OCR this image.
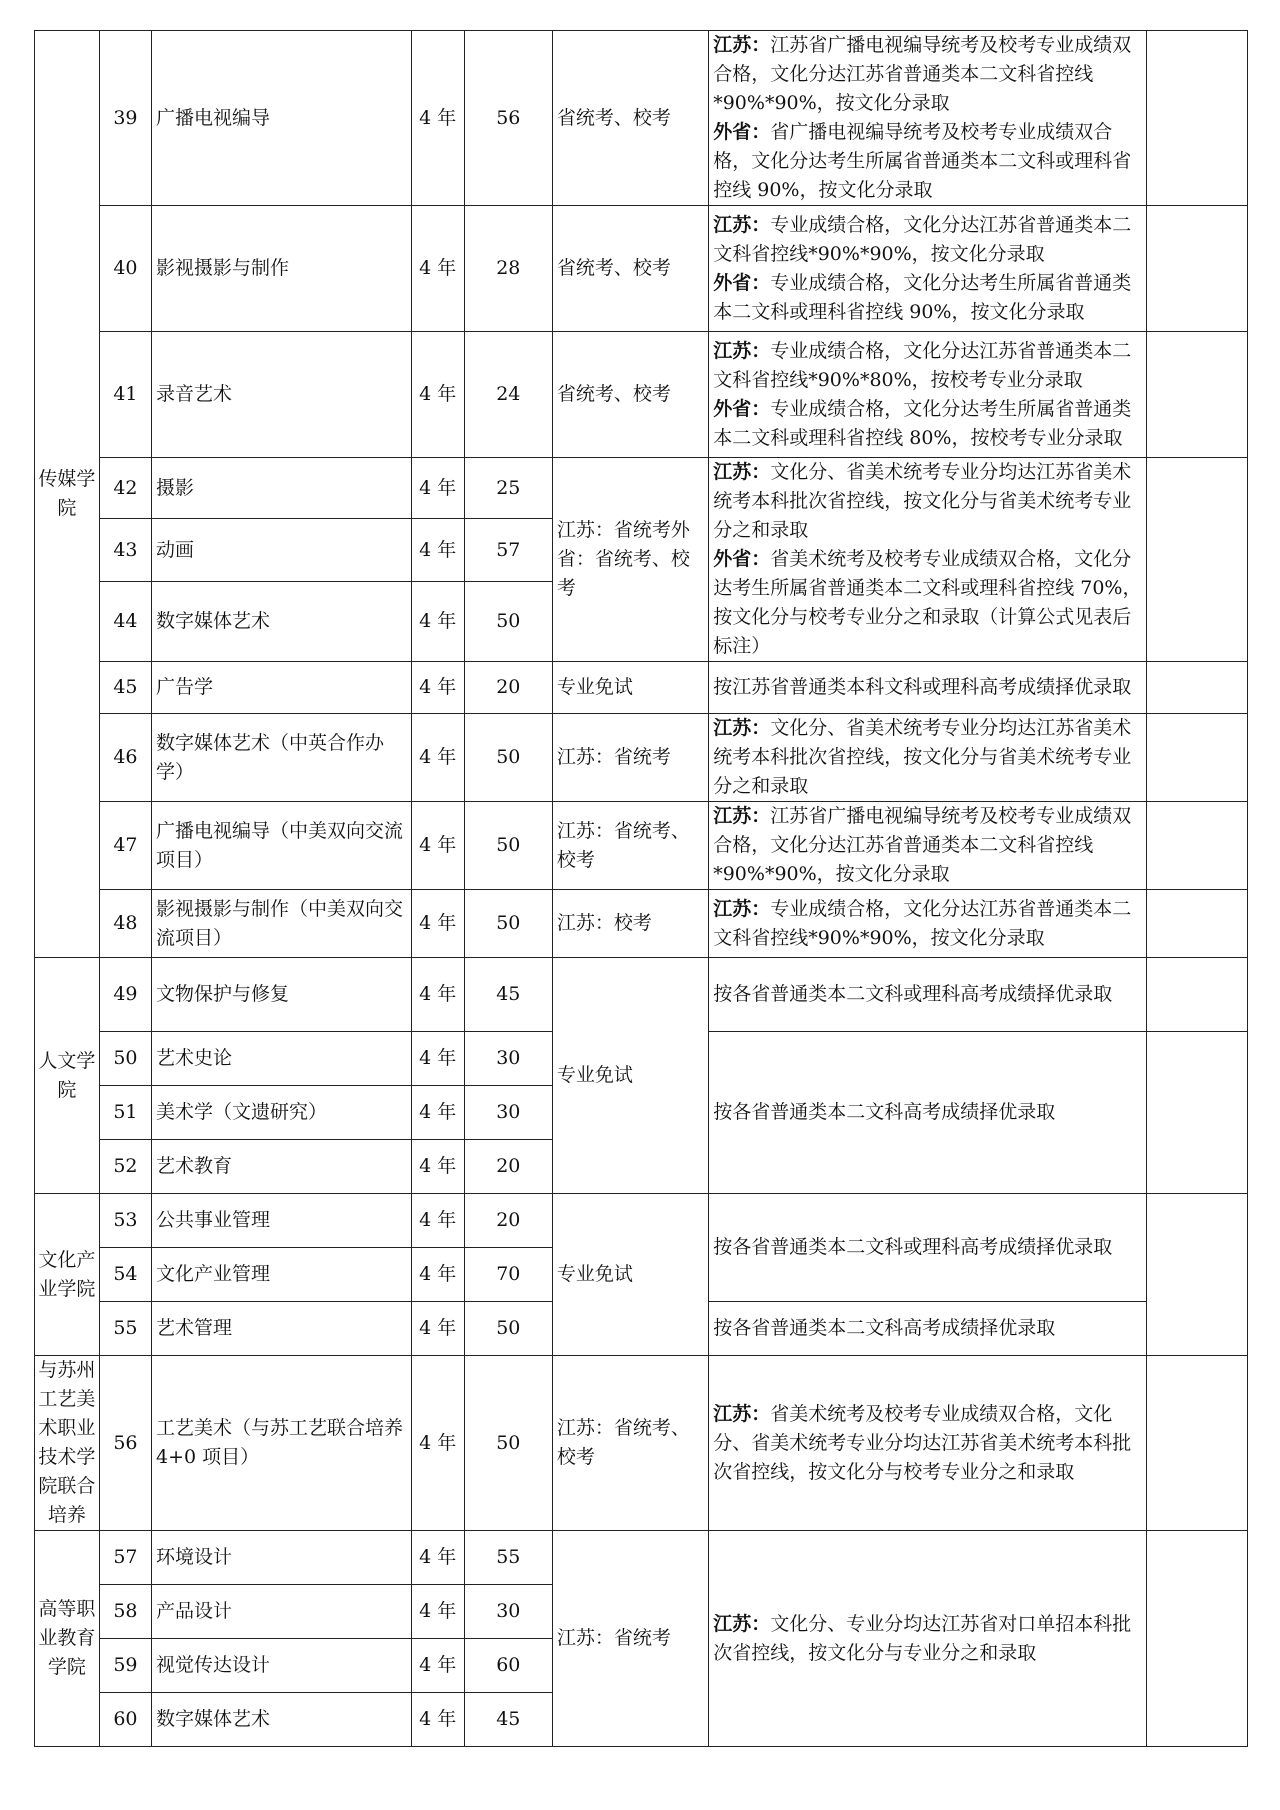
传媒学院	39	广播电视编导	4 年	56	省统考、校考	江苏：江苏省广播电视编导统考及校考专业成绩双合格，文化分达江苏省普通类本二文科省控线*90%*90%，按文化分录取
外省：省广播电视编导统考及校考专业成绩双合格，文化分达考生所属省普通类本二文科或理科省控线 90%，按文化分录取	

	40	影视摄影与制作	4 年	28	省统考、校考	江苏：专业成绩合格，文化分达江苏省普通类本二文科省控线*90%*90%，按文化分录取
外省：专业成绩合格，文化分达考生所属省普通类本二文科或理科省控线 90%，按文化分录取	

	41	录音艺术	4 年	24	省统考、校考	江苏：专业成绩合格，文化分达江苏省普通类本二文科省控线*90%*80%，按校考专业分录取
外省：专业成绩合格，文化分达考生所属省普通类本二文科或理科省控线 80%，按校考专业分录取	

	42	摄影	4 年	25	江苏：省统考外省：省统考、校考	江苏：文化分、省美术统考专业分均达江苏省美术统考本科批次省控线，按文化分与省美术统考专业分之和录取
外省：省美术统考及校考专业成绩双合格，文化分达考生所属省普通类本二文科或理科省控线 70%，按文化分与校考专业分之和录取（计算公式见表后标注）	

	43	动画	4 年	57			
	44	数字媒体艺术	4 年	50			
	45	广告学	4 年	20	专业免试	按江苏省普通类本科文科或理科高考成绩择优录取	

	46	数字媒体艺术（中英合作办学）	4 年	50	江苏：省统考	江苏：文化分、省美术统考专业分均达江苏省美术统考本科批次省控线，按文化分与省美术统考专业分之和录取	

	47	广播电视编导（中美双向交流项目）	4 年	50	江苏：省统考、校考	江苏：江苏省广播电视编导统考及校考专业成绩双合格，文化分达江苏省普通类本二文科省控线*90%*90%，按文化分录取	

	48	影视摄影与制作（中美双向交流项目）	4 年	50	江苏：校考	江苏：专业成绩合格，文化分达江苏省普通类本二文科省控线*90%*90%，按文化分录取	

人文学院	49	文物保护与修复	4 年	45	专业免试	按各省普通类本二文科或理科高考成绩择优录取	

	50	艺术史论	4 年	30		按各省普通类本二文科高考成绩择优录取	

	51	美术学（文遗研究）	4 年	30			
	52	艺术教育	4 年	20			
文化产业学院	53	公共事业管理	4 年	20	专业免试	按各省普通类本二文科或理科高考成绩择优录取	

	54	文化产业管理	4 年	70			
	55	艺术管理	4 年	50		按各省普通类本二文科高考成绩择优录取	

与苏州工艺美术职业技术学院联合培养	56	工艺美术（与苏工艺联合培养 4+0 项目）	4 年	50	江苏：省统考、校考	江苏：省美术统考及校考专业成绩双合格，文化分、省美术统考专业分均达江苏省美术统考本科批次省控线，按文化分与校考专业分之和录取	

高等职业教育学院	57	环境设计	4 年	55	江苏：省统考	江苏：文化分、专业分均达江苏省对口单招本科批次省控线，按文化分与专业分之和录取	

	58	产品设计	4 年	30			
	59	视觉传达设计	4 年	60			
	60	数字媒体艺术	4 年	45			
